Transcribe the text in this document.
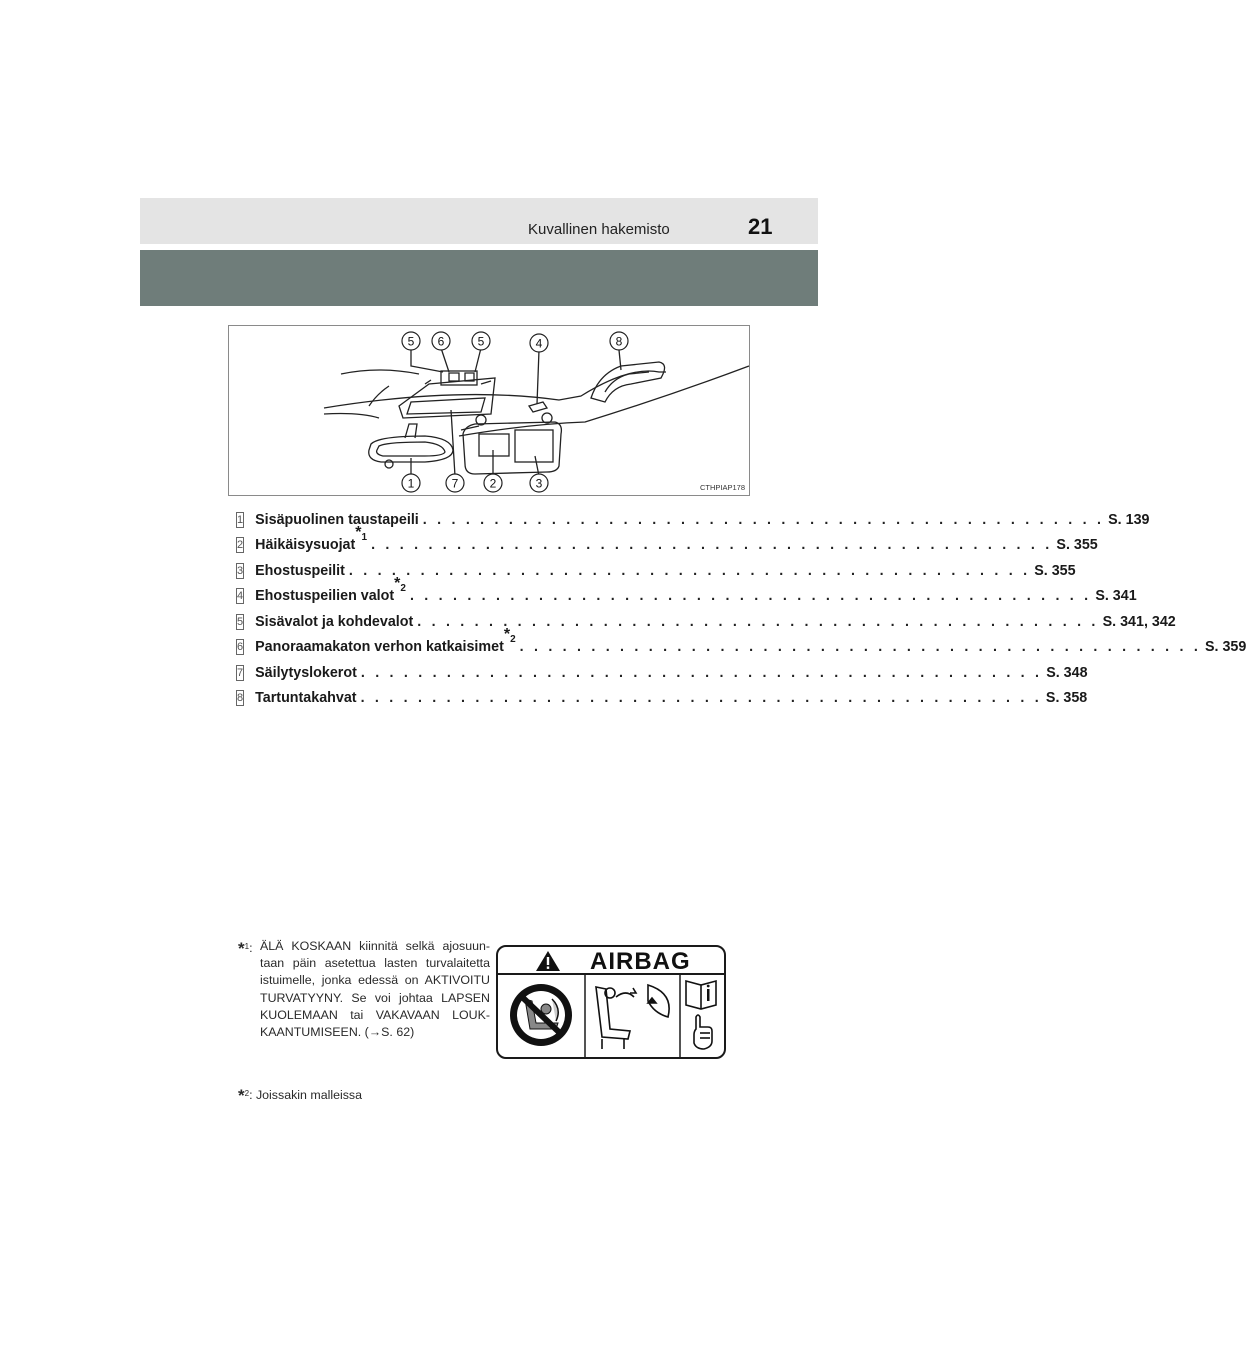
Kuvallinen hakemisto	21
5 6	5	4	8
1	7	2	3	CTHPIAP178
1 Sisäpuolinen taustapeili . . . . . . . . . . . . . . . . . . . . . . . . . . . . . . . . . . . . . . . . . . . . . . . . S. 139
2 Häikäisysuojat$^{*1}$ . . . . . . . . . . . . . . . . . . . . . . . . . . . . . . . . . . . . . . . . . . . . . . . . S. 355
3 Ehostuspeilit . . . . . . . . . . . . . . . . . . . . . . . . . . . . . . . . . . . . . . . . . . . . . . . . S. 355
4 Ehostuspeilien valot$^{*2}$ . . . . . . . . . . . . . . . . . . . . . . . . . . . . . . . . . . . . . . . . . . . . . . . . S. 341
5 Sisävalot ja kohdevalot . . . . . . . . . . . . . . . . . . . . . . . . . . . . . . . . . . . . . . . . . . . . . . . . S. 341, 342
6 Panoraamakaton verhon katkaisimet$^{*2}$ . . . . . . . . . . . . . . . . . . . . . . . . . . . . . . . . . . . . . . . . . . . . . . . . S. 359
7 Säilytyslokerot . . . . . . . . . . . . . . . . . . . . . . . . . . . . . . . . . . . . . . . . . . . . . . . . S. 348
8 Tartuntakahvat . . . . . . . . . . . . . . . . . . . . . . . . . . . . . . . . . . . . . . . . . . . . . . . . S. 358
*$^1$: ÄLÄ KOSKAAN kiinnitä selkä ajosuun-taan päin asetettua lasten turvalaitetta istuimelle, jonka edessä on AKTIVOITU TURVATYYNY. Se voi johtaa LAPSEN KUOLEMAAN tai VAKAVAAN LOUK-KAANTUMISEEN. (→S. 62)
AIRBAG
*$^2$: Joissakin malleissa
